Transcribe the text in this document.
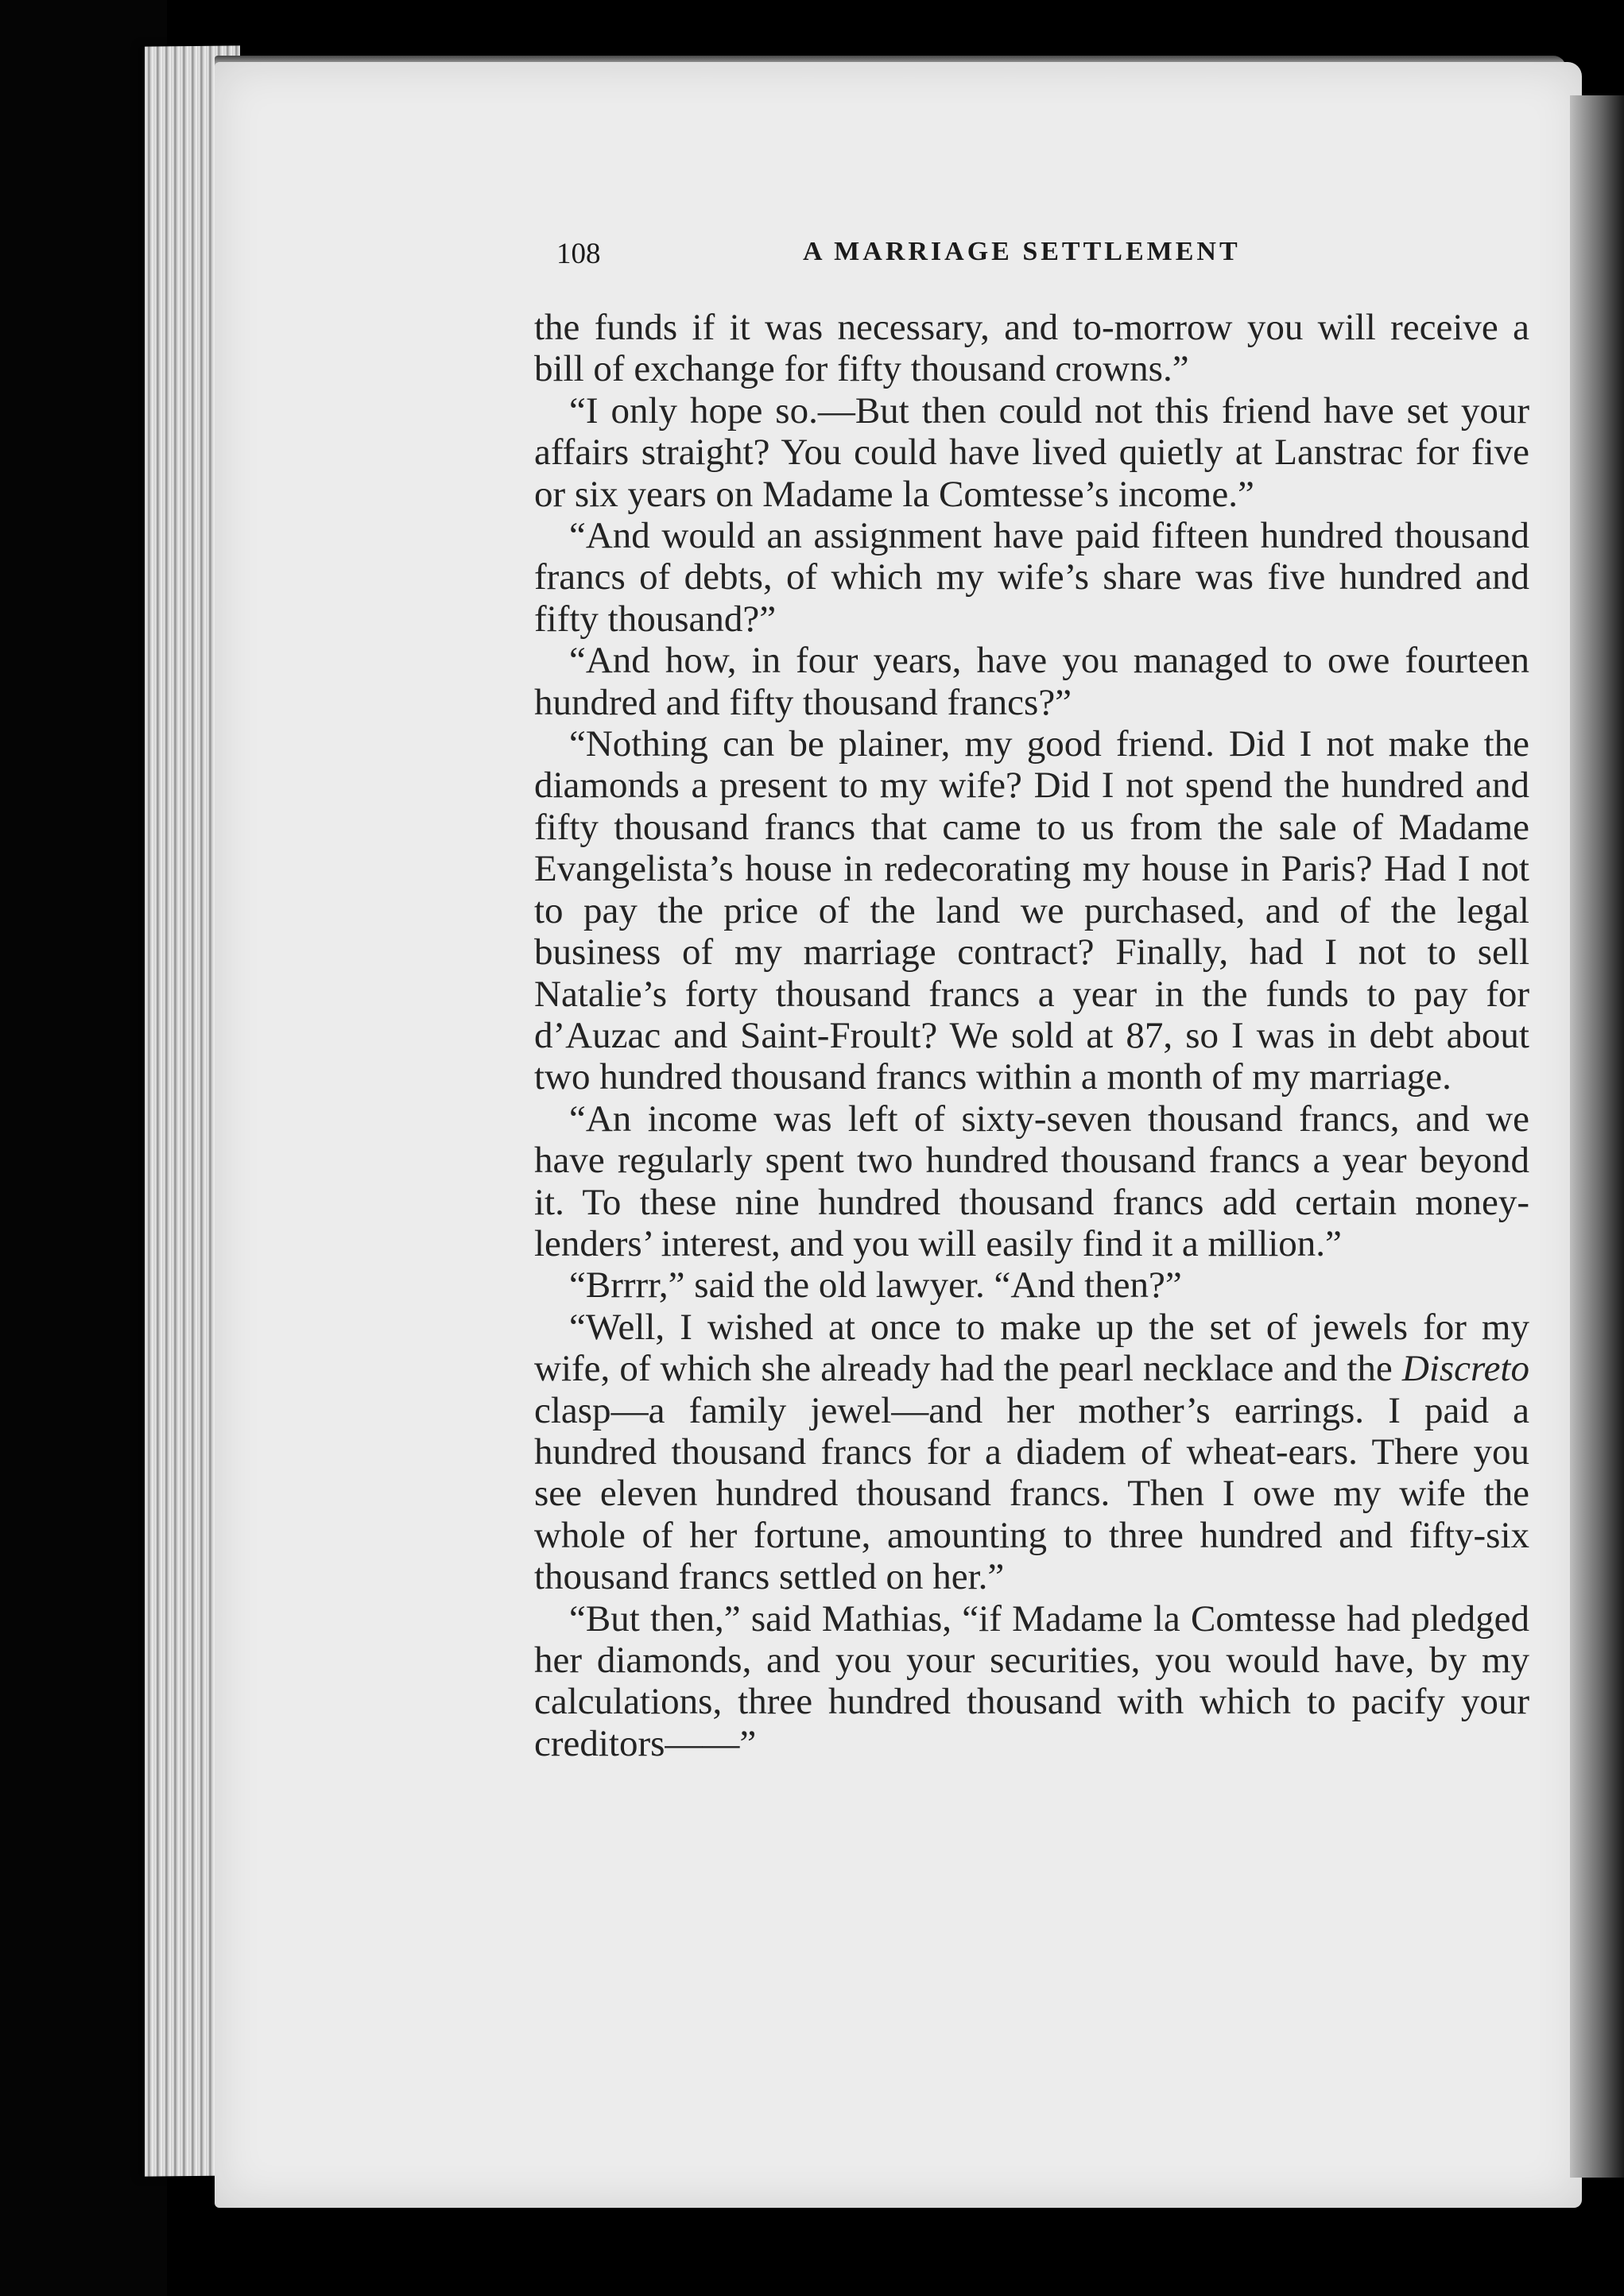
108	A MARRIAGE SETTLEMENT

the funds if it was necessary, and to-morrow you will receive a bill of exchange for fifty thousand crowns.”

“I only hope so.—But then could not this friend have set your affairs straight? You could have lived quietly at Lanstrac for five or six years on Madame la Comtesse’s income.”

“And would an assignment have paid fifteen hundred thousand francs of debts, of which my wife’s share was five hundred and fifty thousand?”

“And how, in four years, have you managed to owe fourteen hundred and fifty thousand francs?”

“Nothing can be plainer, my good friend. Did I not make the diamonds a present to my wife? Did I not spend the hundred and fifty thousand francs that came to us from the sale of Madame Evangelista’s house in redecorating my house in Paris? Had I not to pay the price of the land we purchased, and of the legal business of my marriage contract? Finally, had I not to sell Natalie’s forty thousand francs a year in the funds to pay for d’Auzac and Saint-Froult? We sold at 87, so I was in debt about two hundred thousand francs within a month of my marriage.

“An income was left of sixty-seven thousand francs, and we have regularly spent two hundred thousand francs a year beyond it. To these nine hundred thousand francs add certain money-lenders’ interest, and you will easily find it a million.”

“Brrrr,” said the old lawyer. “And then?”

“Well, I wished at once to make up the set of jewels for my wife, of which she already had the pearl necklace and the Discreto clasp—a family jewel—and her mother’s earrings. I paid a hundred thousand francs for a diadem of wheat-ears. There you see eleven hundred thousand francs. Then I owe my wife the whole of her fortune, amounting to three hundred and fifty-six thousand francs settled on her.”

“But then,” said Mathias, “if Madame la Comtesse had pledged her diamonds, and you your securities, you would have, by my calculations, three hundred thousand with which to pacify your creditors——”
